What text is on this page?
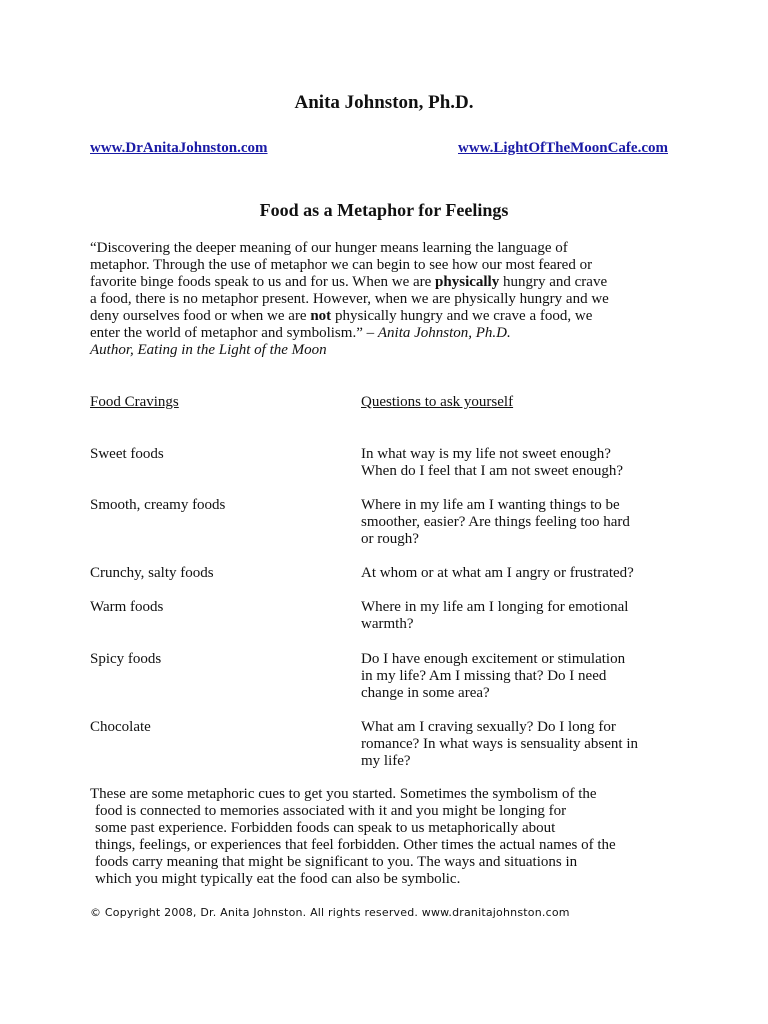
Anita Johnston, Ph.D.
www.DrAnitaJohnston.com	www.LightOfTheMoonCafe.com
Food as a Metaphor for Feelings
“Discovering the deeper meaning of our hunger means learning the language of
metaphor. Through the use of metaphor we can begin to see how our most feared or
favorite binge foods speak to us and for us. When we are physically hungry and crave
a food, there is no metaphor present. However, when we are physically hungry and we
deny ourselves food or when we are not physically hungry and we crave a food, we
enter the world of metaphor and symbolism.” – Anita Johnston, Ph.D.
Author, Eating in the Light of the Moon
Food Cravings	Questions to ask yourself
Sweet foods	In what way is my life not sweet enough?
When do I feel that I am not sweet enough?
Smooth, creamy foods	Where in my life am I wanting things to be
smoother, easier? Are things feeling too hard
or rough?
Crunchy, salty foods	At whom or at what am I angry or frustrated?
Warm foods	Where in my life am I longing for emotional
warmth?
Spicy foods	Do I have enough excitement or stimulation
in my life? Am I missing that? Do I need
change in some area?
Chocolate	What am I craving sexually? Do I long for
romance? In what ways is sensuality absent in
my life?
These are some metaphoric cues to get you started. Sometimes the symbolism of the
food is connected to memories associated with it and you might be longing for
some past experience. Forbidden foods can speak to us metaphorically about
things, feelings, or experiences that feel forbidden. Other times the actual names of the
foods carry meaning that might be significant to you. The ways and situations in
which you might typically eat the food can also be symbolic.
© Copyright 2008, Dr. Anita Johnston. All rights reserved. www.dranitajohnston.com
